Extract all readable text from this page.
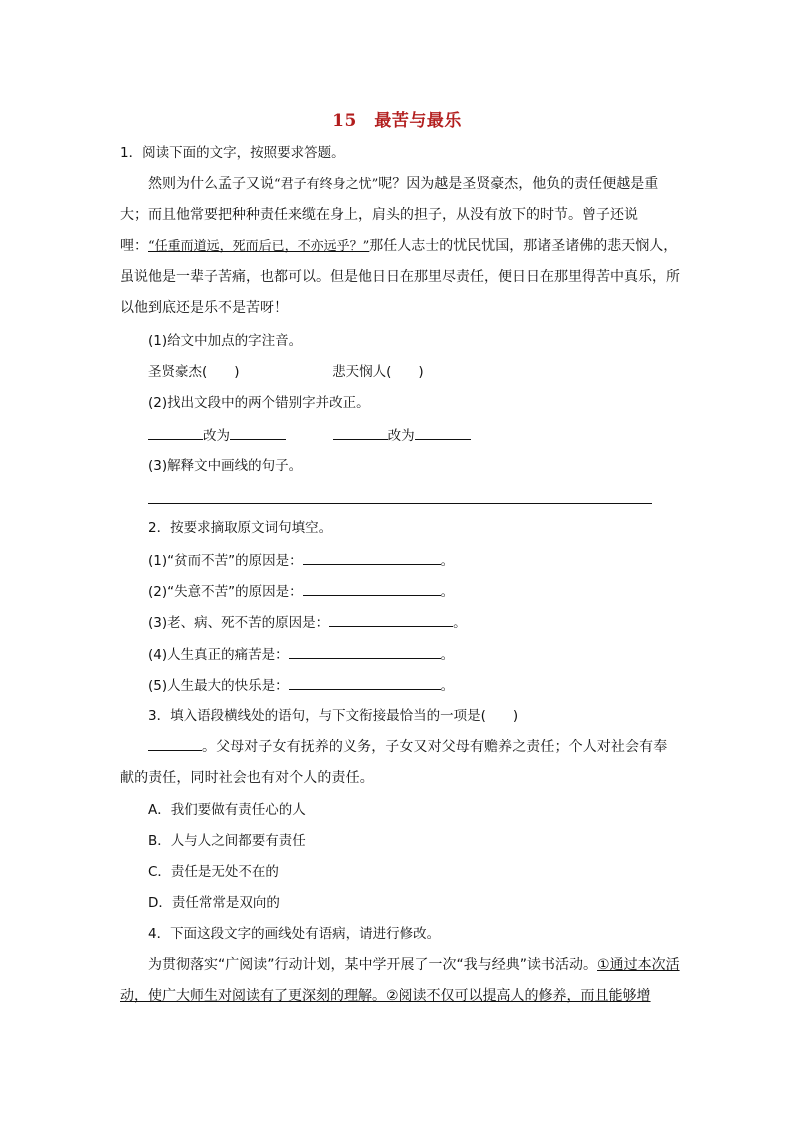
15　最苦与最乐
1．阅读下面的文字，按照要求答题。
然则为什么孟子又说“君子有终身之忧”呢？因为越是圣贤豪杰，他负的责任便越是重大；而且他常要把种种责任来缆在身上，肩头的担子，从没有放下的时节。曾子还说哩：“任重而道远，死而后已，不亦远乎？”那任人志士的忧民忧国，那诸圣诸佛的悲天悯人，虽说他是一辈子苦痛，也都可以。但是他日日在那里尽责任，便日日在那里得苦中真乐，所以他到底还是乐不是苦呀！
(1)给文中加点的字注音。
圣贤豪杰(　　)	悲天悯人(　　)
(2)找出文段中的两个错别字并改正。
改为	改为
(3)解释文中画线的句子。
2．按要求摘取原文词句填空。
(1)“贫而不苦”的原因是：	。
(2)“失意不苦”的原因是：	。
(3)老、病、死不苦的原因是：	。
(4)人生真正的痛苦是：	。
(5)人生最大的快乐是：	。
3．填入语段横线处的语句，与下文衔接最恰当的一项是(　　)
。父母对子女有抚养的义务，子女又对父母有赡养之责任；个人对社会有奉献的责任，同时社会也有对个人的责任。
A．我们要做有责任心的人
B．人与人之间都要有责任
C．责任是无处不在的
D．责任常常是双向的
4．下面这段文字的画线处有语病，请进行修改。
为贯彻落实“广阅读”行动计划，某中学开展了一次“我与经典”读书活动。①通过本次活动，使广大师生对阅读有了更深刻的理解。②阅读不仅可以提高人的修养，而且能够增
